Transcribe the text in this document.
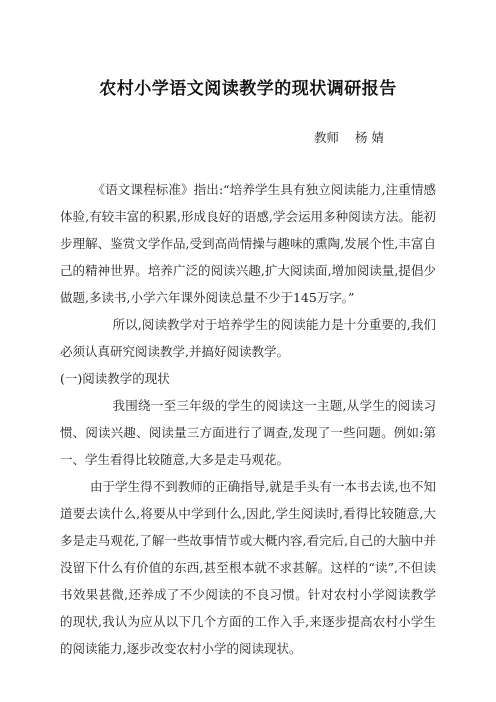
农村小学语文阅读教学的现状调研报告
教师 杨 婧

《语文课程标准》指出:“培养学生具有独立阅读能力,注重情感体验,有较丰富的积累,形成良好的语感,学会运用多种阅读方法。能初步理解、鉴赏文学作品,受到高尚情操与趣味的熏陶,发展个性,丰富自己的精神世界。培养广泛的阅读兴趣,扩大阅读面,增加阅读量,提倡少做题,多读书,小学六年课外阅读总量不少于145万字。”

所以,阅读教学对于培养学生的阅读能力是十分重要的,我们必须认真研究阅读教学,并搞好阅读教学。

(一)阅读教学的现状

我围绕一至三年级的学生的阅读这一主题,从学生的阅读习惯、阅读兴趣、阅读量三方面进行了调查,发现了一些问题。例如:第一、学生看得比较随意,大多是走马观花。

由于学生得不到教师的正确指导,就是手头有一本书去读,也不知道要去读什么,将要从中学到什么,因此,学生阅读时,看得比较随意,大多是走马观花,了解一些故事情节或大概内容,看完后,自己的大脑中并没留下什么有价值的东西,甚至根本就不求甚解。这样的“读”,不但读书效果甚微,还养成了不少阅读的不良习惯。针对农村小学阅读教学的现状,我认为应从以下几个方面的工作入手,来逐步提高农村小学生的阅读能力,逐步改变农村小学的阅读现状。
